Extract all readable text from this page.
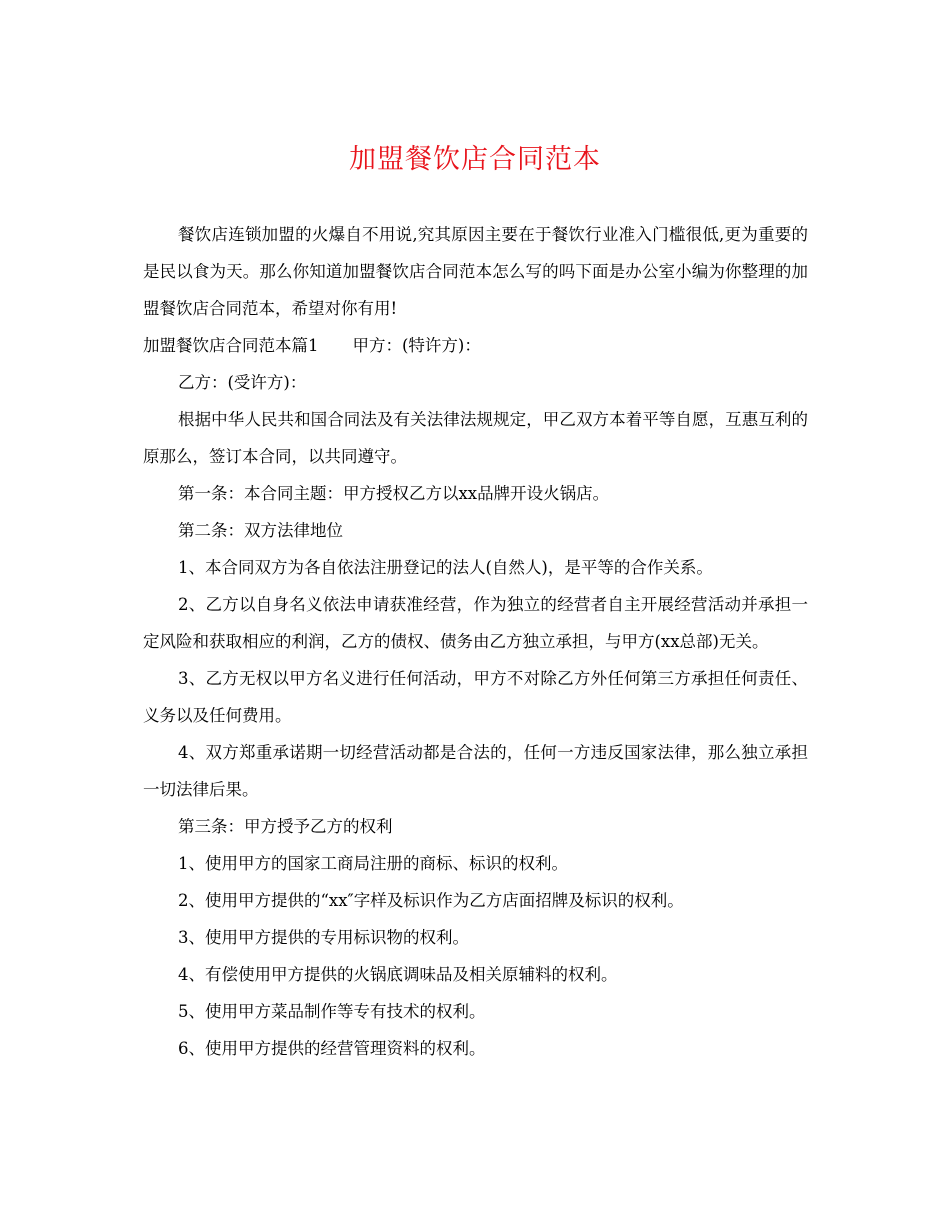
加盟餐饮店合同范本

餐饮店连锁加盟的火爆自不用说,究其原因主要在于餐饮行业准入门槛很低,更为重要的是民以食为天。那么你知道加盟餐饮店合同范本怎么写的吗下面是办公室小编为你整理的加盟餐饮店合同范本，希望对你有用!

加盟餐饮店合同范本篇1 甲方：(特许方)：

乙方：(受许方)：

根据中华人民共和国合同法及有关法律法规规定，甲乙双方本着平等自愿，互惠互利的原那么，签订本合同，以共同遵守。

第一条：本合同主题：甲方授权乙方以xx品牌开设火锅店。

第二条：双方法律地位

1、本合同双方为各自依法注册登记的法人(自然人)，是平等的合作关系。

2、乙方以自身名义依法申请获准经营，作为独立的经营者自主开展经营活动并承担一定风险和获取相应的利润，乙方的债权、债务由乙方独立承担，与甲方(xx总部)无关。

3、乙方无权以甲方名义进行任何活动，甲方不对除乙方外任何第三方承担任何责任、义务以及任何费用。

4、双方郑重承诺期一切经营活动都是合法的，任何一方违反国家法律，那么独立承担一切法律后果。

第三条：甲方授予乙方的权利

1、使用甲方的国家工商局注册的商标、标识的权利。

2、使用甲方提供的“xx″字样及标识作为乙方店面招牌及标识的权利。

3、使用甲方提供的专用标识物的权利。

4、有偿使用甲方提供的火锅底调味品及相关原辅料的权利。

5、使用甲方菜品制作等专有技术的权利。

6、使用甲方提供的经营管理资料的权利。
